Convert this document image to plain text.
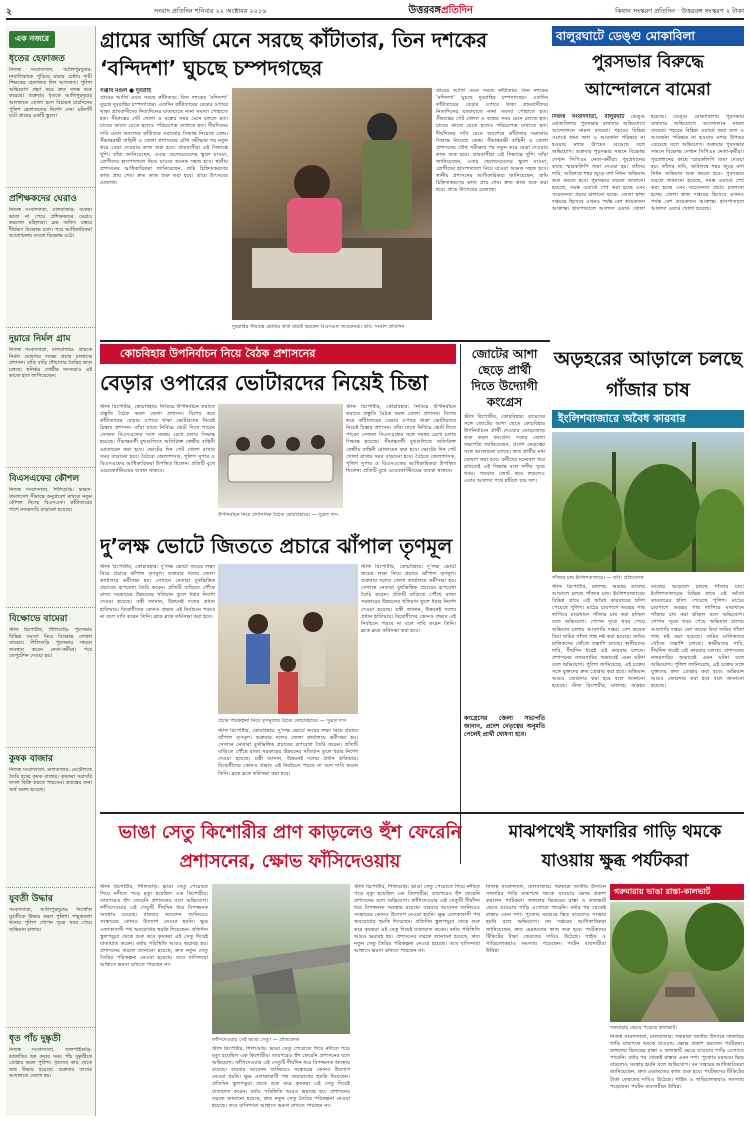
২	সংবাদ প্রতিদিন শনিবার ২২ অক্টোবর ২০১৬	উত্তরবঙ্গপ্রতিদিন	কিষান সংস্করণ প্রতিদিন · উত্তরবঙ্গ সংস্করণ ২ টাকা
এক নজরে
ধৃতের হেফাজত
নিজস্ব সংবাদদাতা, আলিপুরদুয়ার: নাবালিকাকে পুড়িয়ে মারার চেষ্টায় দায়ী শিক্ষকের হেফাজত দিল আদালত। পুলিশ অভিযোগ গ্রহণ করে দ্রুত তদন্ত শুরু করেছে। শুক্রবার ধৃতকে আলিপুরদুয়ার আদালতে তোলা হলে বিচারক চারদিনের পুলিশ হেফাজতের নির্দেশ দেন। ঘটনাটি ঘটে গ্রামের একটি স্কুলে।
প্রশিক্ষকদের ঘেরাও
নিজস্ব সংবাদদাতা, মালবাজার: বকেয়া ভাতা না পেয়ে প্রশিক্ষকদের ঘেরাও করলেন মহিলারা। ব্লক অফিস চত্বরে দীর্ঘক্ষণ বিক্ষোভ চলে। পরে আধিকারিকরা আলোচনায় বসলে বিক্ষোভ ওঠে।
দুয়ারে নির্মল গ্রাম
নিজস্ব সংবাদদাতা, মালবাজার: গ্রামকে নির্মল ঘোষণার লক্ষ্যে প্রচার চালাচ্ছে প্রশাসন। বাড়ি বাড়ি শৌচাগার তৈরির কাজ চলছে। স্বনির্ভর গোষ্ঠীর সদস্যরাও এই কাজে হাত লাগিয়েছেন।
বিএসএফের কৌশল
নিজস্ব সংবাদদাতা, শিলিগুড়ি: ভারত-বাংলাদেশ সীমান্তে অনুপ্রবেশ রুখতে নতুন কৌশল নিচ্ছে বিএসএফ। কাঁটাতারের পাশে নজরদারি বাড়ানো হয়েছে।
বিক্ষোভে বামেরা
স্টাফ রিপোর্টার, শিলিগুড়ি: পুরসভার বিভিন্ন সমস্যা নিয়ে বিক্ষোভ দেখাল বামেরা। শিলিগুড়ি পুরসভার সামনে অবস্থান করেন নেতা-কর্মীরা। পরে ডেপুটেশন দেওয়া হয়।
কুষক বাজার
নিজস্ব সংবাদদাতা, মালবাজার: মেটেলিতে তৈরি হচ্ছে কৃষক বাজার। কৃষকরা সরাসরি ফসল বিক্রি করতে পারবেন। প্রকল্পের জন্য অর্থ বরাদ্দ হয়েছে।
যুবতী উদ্ধার
সংবাদদাতা, আলিপুরদুয়ার: নিখোঁজ যুবতীকে উদ্ধার করল পুলিশ। শামুকতলা থানার পুলিশ গোপন সূত্রে খবর পেয়ে অভিযান চালায়।
ধৃত পাঁচ দুষ্কৃতী
নিজস্ব সংবাদদাতা, জলপাইগুড়ি: ডাকাতির ছক কষার সময় পাঁচ দুষ্কৃতীকে গ্রেপ্তার করল পুলিশ। ধৃতদের কাছ থেকে অস্ত্র উদ্ধার হয়েছে। শুক্রবার তাদের আদালতে তোলা হয়।
গ্রামের আর্জি মেনে সরছে কাঁটাতার, তিন দশকের ‘বন্দিদশা’ ঘুচছে চম্পদগছের
সঞ্জীব মণ্ডল ● দুবরাহি
গ্রামের আর্জি মেনে সরছে কাঁটাতার। তিন দশকের ‘বন্দিদশা’ ঘুচছে দুবরাহির চম্পদগছের। এতদিন কাঁটাতারের বেড়ার ওপারে থাকা গ্রামবাসীদের নিত্যদিনের যাতায়াতে নানা সমস্যা পোহাতে হত। সীমান্তের গেট খোলা ও বন্ধের সময় মেনে চলতে হত। চাষের কাজে যেতে হলেও পরিচয়পত্র দেখাতে হত। দীর্ঘদিনের দাবি মেনে অবশেষে কাঁটাতার সরানোর সিদ্ধান্ত নিয়েছে কেন্দ্র। সীমান্তরক্ষী বাহিনী ও জেলা প্রশাসনের যৌথ সমীক্ষার পর নতুন করে বেড়া দেওয়ার কাজ শুরু হবে। গ্রামবাসীরা এই সিদ্ধান্তে খুশি। তাঁরা জানিয়েছেন, এবার ছেলেমেয়েদের স্কুলে যাওয়া, রোগীদের হাসপাতালে নিয়ে যাওয়া অনেক সহজ হবে। স্থানীয় প্রশাসনের আধিকারিকরা জানিয়েছেন, জমি চিহ্নিতকরণের কাজ প্রায় শেষ। দ্রুত কাজ শুরু করা হবে। গ্রামে উৎসবের মেজাজ।
গ্রামের আর্জি মেনে সরছে কাঁটাতার। তিন দশকের ‘বন্দিদশা’ ঘুচছে দুবরাহির চম্পদগছের। এতদিন কাঁটাতারের বেড়ার ওপারে থাকা গ্রামবাসীদের নিত্যদিনের যাতায়াতে নানা সমস্যা পোহাতে হত। সীমান্তের গেট খোলা ও বন্ধের সময় মেনে চলতে হত। চাষের কাজে যেতে হলেও পরিচয়পত্র দেখাতে হত। দীর্ঘদিনের দাবি মেনে অবশেষে কাঁটাতার সরানোর সিদ্ধান্ত নিয়েছে কেন্দ্র। সীমান্তরক্ষী বাহিনী ও জেলা প্রশাসনের যৌথ সমীক্ষার পর নতুন করে বেড়া দেওয়ার কাজ শুরু হবে। গ্রামবাসীরা এই সিদ্ধান্তে খুশি। তাঁরা জানিয়েছেন, এবার ছেলেমেয়েদের স্কুলে যাওয়া, রোগীদের হাসপাতালে নিয়ে যাওয়া অনেক সহজ হবে। স্থানীয় প্রশাসনের আধিকারিকরা জানিয়েছেন, জমি চিহ্নিতকরণের কাজ প্রায় শেষ। দ্রুত কাজ শুরু করা হবে। গ্রামে উৎসবের মেজাজ।
দুবরাহির সীমান্তে ভোটার কার্ড যাচাই করছেন বিএসএফ জওয়ানরা। ছবি: সংবাদ প্রতিদিন
বালুরঘাটে ডেঙ্গু মোকাবিলা
পুরসভার বিরুদ্ধে আন্দোলনে বামেরা
নিজস্ব সংবাদদাতা, বালুরঘাট ডেঙ্গু মোকাবিলায় পুরসভার ব্যর্থতার অভিযোগে আন্দোলনে নামল বামেরা। শহরের বিভিন্ন ওয়ার্ডে জমা জল ও আবর্জনা পরিষ্কার না হওয়ায় মশার উপদ্রব বেড়েছে বলে অভিযোগ। শুক্রবার পুরসভার সামনে বিক্ষোভ দেখান সিপিএম নেতা-কর্মীরা। পুরপ্রধানের কাছে স্মারকলিপি জমা দেওয়া হয়। তাঁদের দাবি, অবিলম্বে শহর জুড়ে মশা নিধন অভিযান শুরু করতে হবে। পুরসভার তরফে জানানো হয়েছে, সমস্ত ওয়ার্ডে স্প্রে করা হচ্ছে এবং সচেতনতা প্রচার চালানো হচ্ছে। জেলা স্বাস্থ্য দপ্তরের হিসেবে এখনও পর্যন্ত বেশ কয়েকজন আক্রান্ত। হাসপাতালে আলাদা ওয়ার্ড খোলা হয়েছে। ডেঙ্গু মোকাবিলায় পুরসভার ব্যর্থতার অভিযোগে আন্দোলনে নামল বামেরা। শহরের বিভিন্ন ওয়ার্ডে জমা জল ও আবর্জনা পরিষ্কার না হওয়ায় মশার উপদ্রব বেড়েছে বলে অভিযোগ। শুক্রবার পুরসভার সামনে বিক্ষোভ দেখান সিপিএম নেতা-কর্মীরা। পুরপ্রধানের কাছে স্মারকলিপি জমা দেওয়া হয়। তাঁদের দাবি, অবিলম্বে শহর জুড়ে মশা নিধন অভিযান শুরু করতে হবে। পুরসভার তরফে জানানো হয়েছে, সমস্ত ওয়ার্ডে স্প্রে করা হচ্ছে এবং সচেতনতা প্রচার চালানো হচ্ছে। জেলা স্বাস্থ্য দপ্তরের হিসেবে এখনও পর্যন্ত বেশ কয়েকজন আক্রান্ত। হাসপাতালে আলাদা ওয়ার্ড খোলা হয়েছে।
কোচবিহার উপনির্বাচন নিয়ে বৈঠক প্রশাসনের
বেড়ার ওপারের ভোটারদের নিয়েই চিন্তা
স্টাফ রিপোর্টার, কোচবিহার: নিবিঘ্নে উপনির্বাচন করাতে প্রস্তুতি বৈঠক করল জেলা প্রশাসন। বিশেষ করে কাঁটাতারের বেড়ার ওপারে থাকা ভোটারদের নিয়েই চিন্তায় প্রশাসন। তাঁরা যাতে নির্বিঘ্নে ভোট দিতে পারেন সেজন্য বিএসএফের সঙ্গে সমন্বয় রেখে চলার সিদ্ধান্ত হয়েছে। সীমান্তবর্তী বুথগুলিতে অতিরিক্ত কেন্দ্রীয় বাহিনী মোতায়েন করা হবে। ভোটের দিন গেট খোলা রাখার সময় বাড়ানো হবে। বৈঠকে জেলাশাসক, পুলিশ সুপার ও বিএসএফের আধিকারিকরা উপস্থিত ছিলেন। প্রতিটি বুথে ওয়েবকাস্টিংয়ের ব্যবস্থা থাকবে।
স্টাফ রিপোর্টার, কোচবিহার: নিবিঘ্নে উপনির্বাচন করাতে প্রস্তুতি বৈঠক করল জেলা প্রশাসন। বিশেষ করে কাঁটাতারের বেড়ার ওপারে থাকা ভোটারদের নিয়েই চিন্তায় প্রশাসন। তাঁরা যাতে নির্বিঘ্নে ভোট দিতে পারেন সেজন্য বিএসএফের সঙ্গে সমন্বয় রেখে চলার সিদ্ধান্ত হয়েছে। সীমান্তবর্তী বুথগুলিতে অতিরিক্ত কেন্দ্রীয় বাহিনী মোতায়েন করা হবে। ভোটের দিন গেট খোলা রাখার সময় বাড়ানো হবে। বৈঠকে জেলাশাসক, পুলিশ সুপার ও বিএসএফের আধিকারিকরা উপস্থিত ছিলেন। প্রতিটি বুথে ওয়েবকাস্টিংয়ের ব্যবস্থা থাকবে।
উপনির্বাচন নিয়ে প্রশাসনিক বৈঠক কোচবিহারে। — সুব্রত দাস
জোটের আশা ছেড়ে প্রার্থী দিতে উদ্যোগী কংগ্রেস
স্টাফ রিপোর্টার, কোচবিহার: বামেদের সঙ্গে জোটের আশা ছেড়ে কোচবিহার উপনির্বাচনে প্রার্থী দেওয়ার তোড়জোড় শুরু করল কংগ্রেস। দলের জেলা সভাপতি জানিয়েছেন, প্রদেশ নেতৃত্বের সঙ্গে আলোচনা চলছে। দ্রুত প্রার্থীর নাম ঘোষণা করা হবে। কর্মীদের মনোবল ধরে রাখতেই এই সিদ্ধান্ত বলে দলীয় সূত্রে খবর। গতবার জোট করে লড়লেও এবার আলাদা পথে হাঁটতে চায় দল।
কংগ্রেসের জেলা সভাপতি জানান, প্রদেশ নেতৃত্বের অনুমতি পেলেই প্রার্থী ঘোষণা হবে।
দু’লক্ষ ভোটে জিততে প্রচারে ঝাঁপাল তৃণমূল
স্টাফ রিপোর্টার, কোচবিহার: দু’লক্ষ ভোটে জয়ের লক্ষ্য নিয়ে প্রচারে ঝাঁপাল তৃণমূল। শুক্রবার দলের জেলা কার্যালয়ে কর্মীসভা হয়। সেখানে নেতারা বুথভিত্তিক প্রচারের রূপরেখা তৈরি করেন। প্রতিটি বাড়িতে পৌঁছে রাজ্য সরকারের উন্নয়নের খতিয়ান তুলে ধরার নির্দেশ দেওয়া হয়েছে। মন্ত্রী জানান, উন্নয়নই দলের প্রধান হাতিয়ার। বিরোধীদের কোনও প্রভাব এই নির্বাচনে পড়বে না বলে দাবি করেন তিনি। ব্লকে ব্লকে কর্মিসভা করা হবে।
স্টাফ রিপোর্টার, কোচবিহার: দু’লক্ষ ভোটে জয়ের লক্ষ্য নিয়ে প্রচারে ঝাঁপাল তৃণমূল। শুক্রবার দলের জেলা কার্যালয়ে কর্মীসভা হয়। সেখানে নেতারা বুথভিত্তিক প্রচারের রূপরেখা তৈরি করেন। প্রতিটি বাড়িতে পৌঁছে রাজ্য সরকারের উন্নয়নের খতিয়ান তুলে ধরার নির্দেশ দেওয়া হয়েছে। মন্ত্রী জানান, উন্নয়নই দলের প্রধান হাতিয়ার। বিরোধীদের কোনও প্রভাব এই নির্বাচনে পড়বে না বলে দাবি করেন তিনি। ব্লকে ব্লকে কর্মিসভা করা হবে।
প্রচার পরিকল্পনা নিয়ে তৃণমূলের বৈঠক কোচবিহারে। — সুব্রত দাস
স্টাফ রিপোর্টার, কোচবিহার: দু’লক্ষ ভোটে জয়ের লক্ষ্য নিয়ে প্রচারে ঝাঁপাল তৃণমূল। শুক্রবার দলের জেলা কার্যালয়ে কর্মীসভা হয়। সেখানে নেতারা বুথভিত্তিক প্রচারের রূপরেখা তৈরি করেন। প্রতিটি বাড়িতে পৌঁছে রাজ্য সরকারের উন্নয়নের খতিয়ান তুলে ধরার নির্দেশ দেওয়া হয়েছে। মন্ত্রী জানান, উন্নয়নই দলের প্রধান হাতিয়ার। বিরোধীদের কোনও প্রভাব এই নির্বাচনে পড়বে না বলে দাবি করেন তিনি। ব্লকে ব্লকে কর্মিসভা করা হবে।
অড়হরের আড়ালে চলছে গাঁজার চাষ
ইংলিশবাজারে অবৈধ কারবার
গাঁজার চাষ ইংলিশবাজারে। — ছবি: প্রতিবেদক
স্টাফ রিপোর্টার, মালদহ: অড়হর ডালের আড়ালে চলছে গাঁজার চাষ। ইংলিশবাজারের বিভিন্ন গ্রামে এই অবৈধ কারবারের হদিশ পেয়েছে পুলিশ। মাঠের চারপাশে অড়হর গাছ লাগিয়ে মাঝখানে গাঁজার চাষ করা হচ্ছিল বলে অভিযোগ। গোপন সূত্রে খবর পেয়ে অভিযান চালায় আবগারি দপ্তর। বেশ কয়েক বিঘা জমির গাঁজা গাছ নষ্ট করা হয়েছে। জমির মালিকদের খোঁজে তল্লাশি চলছে। স্থানীয়দের দাবি, দীর্ঘদিন ধরেই এই কারবার চলছে। প্রশাসনের নজরদারির অভাবেই এমন ঘটনা বলে অভিযোগ। পুলিশ জানিয়েছে, এই চক্রের সঙ্গে যুক্তদের দ্রুত গ্রেপ্তার করা হবে। অভিযান আরও জোরদার করা হবে বলে জানানো হয়েছে। স্টাফ রিপোর্টার, মালদহ: অড়হর ডালের আড়ালে চলছে গাঁজার চাষ। ইংলিশবাজারের বিভিন্ন গ্রামে এই অবৈধ কারবারের হদিশ পেয়েছে পুলিশ। মাঠের চারপাশে অড়হর গাছ লাগিয়ে মাঝখানে গাঁজার চাষ করা হচ্ছিল বলে অভিযোগ। গোপন সূত্রে খবর পেয়ে অভিযান চালায় আবগারি দপ্তর। বেশ কয়েক বিঘা জমির গাঁজা গাছ নষ্ট করা হয়েছে। জমির মালিকদের খোঁজে তল্লাশি চলছে। স্থানীয়দের দাবি, দীর্ঘদিন ধরেই এই কারবার চলছে। প্রশাসনের নজরদারির অভাবেই এমন ঘটনা বলে অভিযোগ। পুলিশ জানিয়েছে, এই চক্রের সঙ্গে যুক্তদের দ্রুত গ্রেপ্তার করা হবে। অভিযান আরও জোরদার করা হবে বলে জানানো হয়েছে।
ভাঙা সেতু কিশোরীর প্রাণ কাড়লেও হুঁশ ফেরেনি প্রশাসনের, ক্ষোভ ফাঁসিদেওয়ায়
স্টাফ রিপোর্টার, শিলিগুড়ি: ভাঙা সেতু পেরোতে গিয়ে নদীতে পড়ে মৃত্যু হয়েছিল এক কিশোরীর। তারপরেও হুঁশ ফেরেনি প্রশাসনের বলে অভিযোগ। ফাঁসিদেওয়ার এই সেতুটি দীর্ঘদিন ধরে বিপজ্জনক অবস্থায় রয়েছে। বারবার আবেদন জানিয়েও সংস্কারের কোনও উদ্যোগ নেওয়া হয়নি। ক্ষুব্ধ এলাকাবাসী পথ অবরোধের হুমকি দিয়েছেন। প্রতিদিন স্কুলপড়ুয়া থেকে শুরু করে কৃষকরা এই সেতু দিয়েই যাতায়াত করেন। বর্ষায় পরিস্থিতি আরও ভয়াবহ হয়। প্রশাসনের তরফে জানানো হয়েছে, দ্রুত নতুন সেতু তৈরির পরিকল্পনা নেওয়া হয়েছে। তবে বাসিন্দারা আশ্বাসে ভরসা রাখতে পারছেন না।
ফাঁসিদেওয়ার সেই ভাঙা সেতু। — প্রতিবেদক
স্টাফ রিপোর্টার, শিলিগুড়ি: ভাঙা সেতু পেরোতে গিয়ে নদীতে পড়ে মৃত্যু হয়েছিল এক কিশোরীর। তারপরেও হুঁশ ফেরেনি প্রশাসনের বলে অভিযোগ। ফাঁসিদেওয়ার এই সেতুটি দীর্ঘদিন ধরে বিপজ্জনক অবস্থায় রয়েছে। বারবার আবেদন জানিয়েও সংস্কারের কোনও উদ্যোগ নেওয়া হয়নি। ক্ষুব্ধ এলাকাবাসী পথ অবরোধের হুমকি দিয়েছেন। প্রতিদিন স্কুলপড়ুয়া থেকে শুরু করে কৃষকরা এই সেতু দিয়েই যাতায়াত করেন। বর্ষায় পরিস্থিতি আরও ভয়াবহ হয়। প্রশাসনের তরফে জানানো হয়েছে, দ্রুত নতুন সেতু তৈরির পরিকল্পনা নেওয়া হয়েছে। তবে বাসিন্দারা আশ্বাসে ভরসা রাখতে পারছেন না।
স্টাফ রিপোর্টার, শিলিগুড়ি: ভাঙা সেতু পেরোতে গিয়ে নদীতে পড়ে মৃত্যু হয়েছিল এক কিশোরীর। তারপরেও হুঁশ ফেরেনি প্রশাসনের বলে অভিযোগ। ফাঁসিদেওয়ার এই সেতুটি দীর্ঘদিন ধরে বিপজ্জনক অবস্থায় রয়েছে। বারবার আবেদন জানিয়েও সংস্কারের কোনও উদ্যোগ নেওয়া হয়নি। ক্ষুব্ধ এলাকাবাসী পথ অবরোধের হুমকি দিয়েছেন। প্রতিদিন স্কুলপড়ুয়া থেকে শুরু করে কৃষকরা এই সেতু দিয়েই যাতায়াত করেন। বর্ষায় পরিস্থিতি আরও ভয়াবহ হয়। প্রশাসনের তরফে জানানো হয়েছে, দ্রুত নতুন সেতু তৈরির পরিকল্পনা নেওয়া হয়েছে। তবে বাসিন্দারা আশ্বাসে ভরসা রাখতে পারছেন না।
মাঝপথেই সাফারির গাড়ি থমকে যাওয়ায় ক্ষুব্ধ পর্যটকরা
নিজস্ব সংবাদদাতা, মালবাজার: গরুমারা জাতীয় উদ্যানে সাফারির গাড়ি মাঝপথে থমকে যাওয়ায় ক্ষোভ প্রকাশ করলেন পর্যটকরা। জঙ্গলের ভিতরের রাস্তা ও কালভার্ট ভেঙে যাওয়ায় গাড়ি এগোতে পারেনি। বর্ষার পর থেকেই রাস্তার এমন দশা। পুজোর মরশুমে ভিড় বাড়লেও সংস্কার হয়নি বলে অভিযোগ। বন দপ্তরের আধিকারিকরা জানিয়েছেন, দ্রুত মেরামতের কাজ শুরু হবে। পর্যটকদের টিকিটের টাকা ফেরতের দাবিও উঠেছে। গাইড ও গাড়িচালকরাও সমস্যায় পড়েছেন। পর্যটন ব্যবসায়ীরা উদ্বিগ্ন।
গরুমারায় ভাঙা রাস্তা-কালভার্ট
গরুমারায় ভেঙে পড়েছে কালভার্ট।
নিজস্ব সংবাদদাতা, মালবাজার: গরুমারা জাতীয় উদ্যানে সাফারির গাড়ি মাঝপথে থমকে যাওয়ায় ক্ষোভ প্রকাশ করলেন পর্যটকরা। জঙ্গলের ভিতরের রাস্তা ও কালভার্ট ভেঙে যাওয়ায় গাড়ি এগোতে পারেনি। বর্ষার পর থেকেই রাস্তার এমন দশা। পুজোর মরশুমে ভিড় বাড়লেও সংস্কার হয়নি বলে অভিযোগ। বন দপ্তরের আধিকারিকরা জানিয়েছেন, দ্রুত মেরামতের কাজ শুরু হবে। পর্যটকদের টিকিটের টাকা ফেরতের দাবিও উঠেছে। গাইড ও গাড়িচালকরাও সমস্যায় পড়েছেন। পর্যটন ব্যবসায়ীরা উদ্বিগ্ন।
